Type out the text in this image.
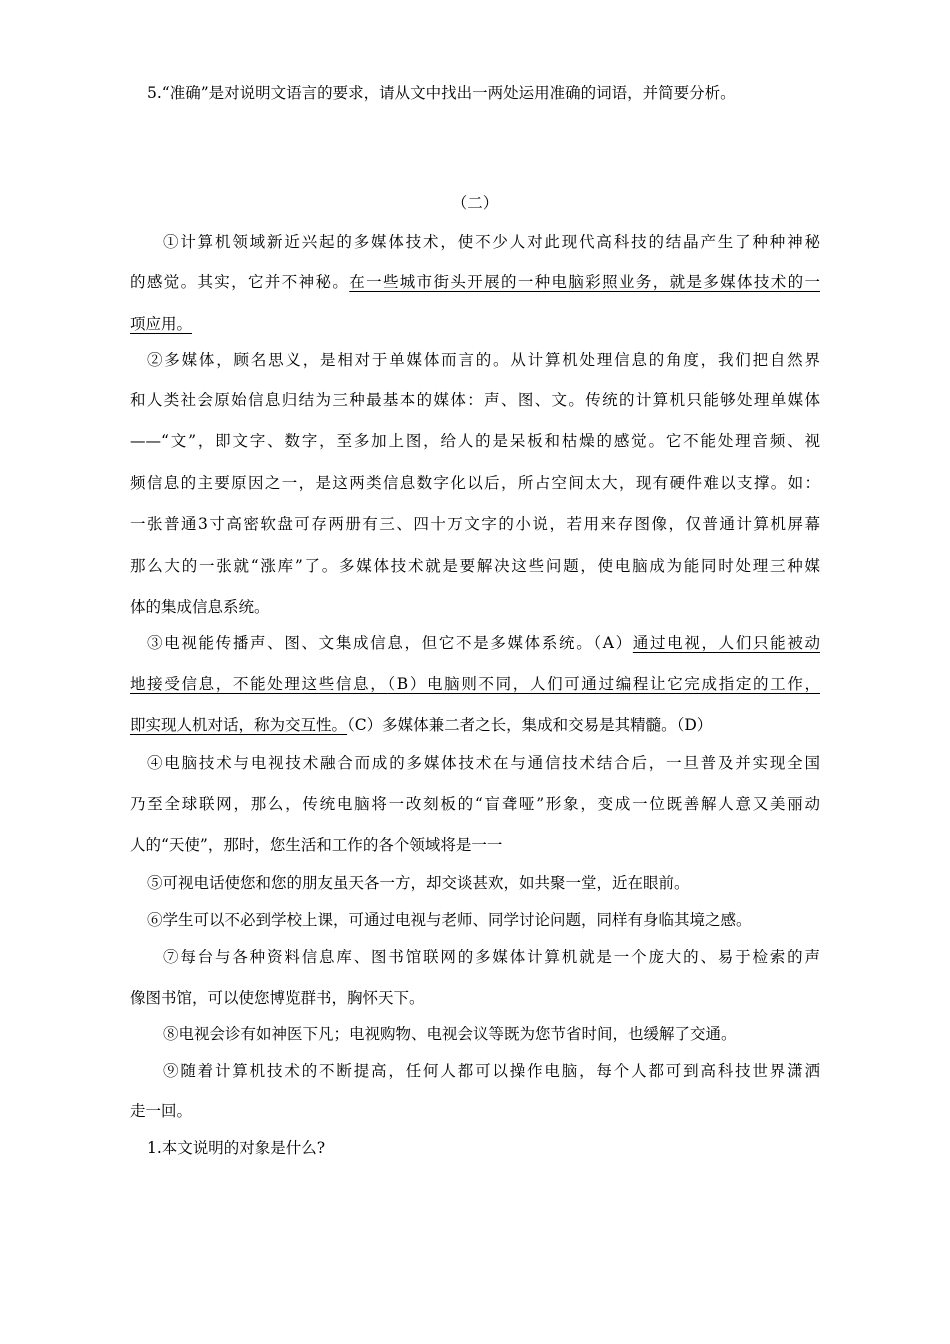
5.“准确”是对说明文语言的要求，请从文中找出一两处运用准确的词语，并简要分析。
（二）
①计算机领域新近兴起的多媒体技术，使不少人对此现代高科技的结晶产生了种种神秘
的感觉。其实，它并不神秘。在一些城市街头开展的一种电脑彩照业务，就是多媒体技术的一
项应用。
②多媒体，顾名思义，是相对于单媒体而言的。从计算机处理信息的角度，我们把自然界
和人类社会原始信息归结为三种最基本的媒体：声、图、文。传统的计算机只能够处理单媒体
——“文”，即文字、数字，至多加上图，给人的是呆板和枯燥的感觉。它不能处理音频、视
频信息的主要原因之一，是这两类信息数字化以后，所占空间太大，现有硬件难以支撑。如：
一张普通3寸高密软盘可存两册有三、四十万文字的小说，若用来存图像，仅普通计算机屏幕
那么大的一张就“涨库”了。多媒体技术就是要解决这些问题，使电脑成为能同时处理三种媒
体的集成信息系统。
③电视能传播声、图、文集成信息，但它不是多媒体系统。（A）通过电视，人们只能被动
地接受信息，不能处理这些信息，（B）电脑则不同，人们可通过编程让它完成指定的工作，
即实现人机对话，称为交互性。（C）多媒体兼二者之长，集成和交易是其精髓。（D）
④电脑技术与电视技术融合而成的多媒体技术在与通信技术结合后，一旦普及并实现全国
乃至全球联网，那么，传统电脑将一改刻板的“盲聋哑”形象，变成一位既善解人意又美丽动
人的“天使”，那时，您生活和工作的各个领域将是一一
⑤可视电话使您和您的朋友虽天各一方，却交谈甚欢，如共聚一堂，近在眼前。
⑥学生可以不必到学校上课，可通过电视与老师、同学讨论问题，同样有身临其境之感。
⑦每台与各种资料信息库、图书馆联网的多媒体计算机就是一个庞大的、易于检索的声
像图书馆，可以使您博览群书，胸怀天下。
⑧电视会诊有如神医下凡；电视购物、电视会议等既为您节省时间，也缓解了交通。
⑨随着计算机技术的不断提高，任何人都可以操作电脑，每个人都可到高科技世界潇洒
走一回。
1.本文说明的对象是什么?
